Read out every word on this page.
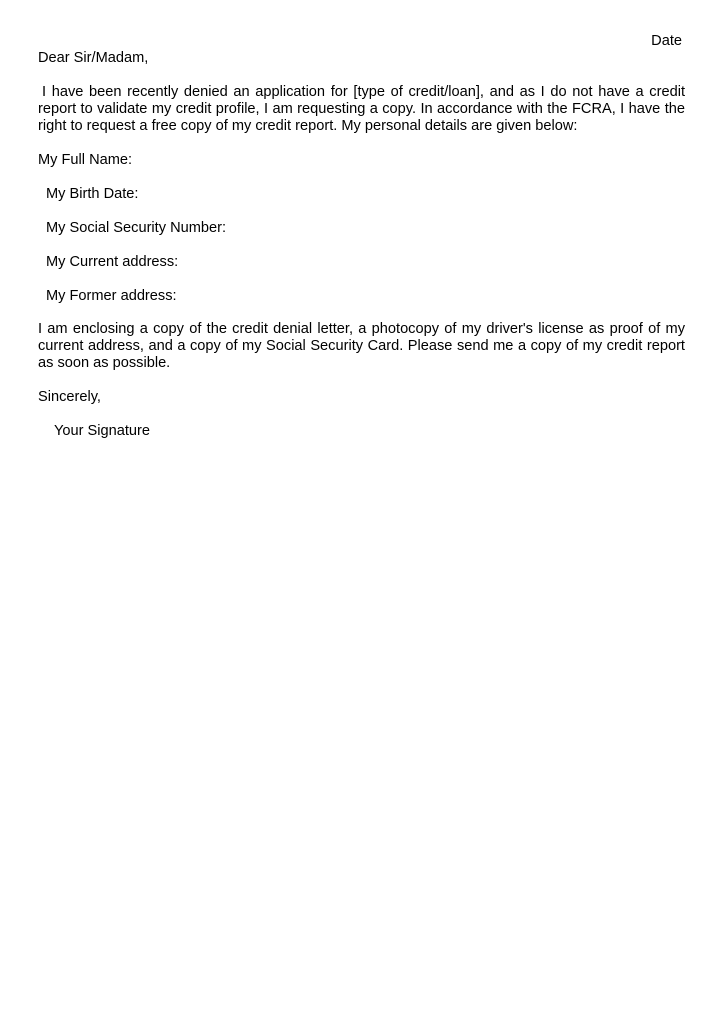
Date
Dear Sir/Madam,
I have been recently denied an application for [type of credit/loan], and as I do not have a credit report to validate my credit profile, I am requesting a copy. In accordance with the FCRA, I have the right to request a free copy of my credit report. My personal details are given below:
My Full Name:
My Birth Date:
My Social Security Number:
My Current address:
My Former address:
I am enclosing a copy of the credit denial letter, a photocopy of my driver's license as proof of my current address, and a copy of my Social Security Card. Please send me a copy of my credit report as soon as possible.
Sincerely,
Your Signature
